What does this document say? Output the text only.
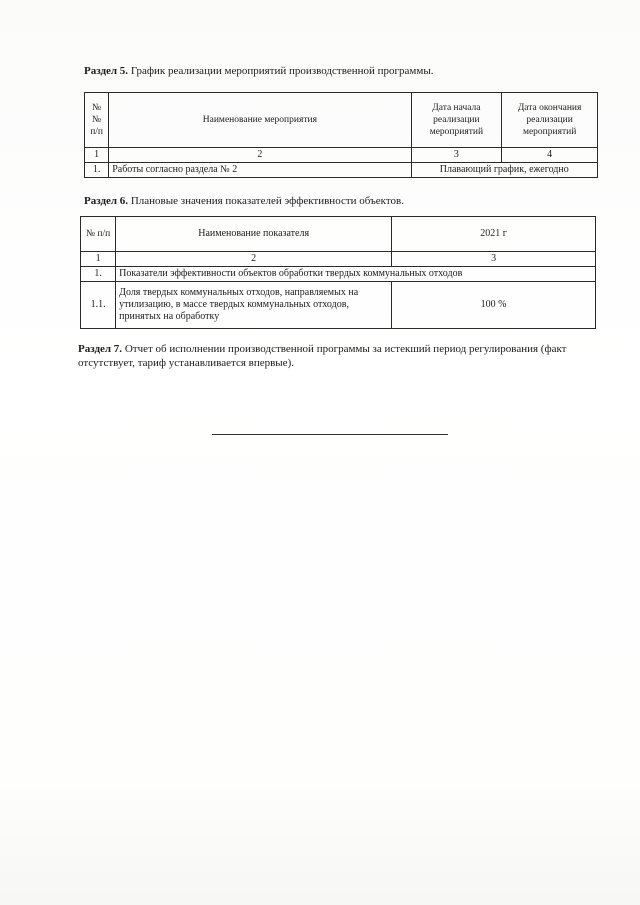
Раздел 5. График реализации мероприятий производственной программы.
№№ п/п	Наименование мероприятия	Дата начала реализации мероприятий	Дата окончания реализации мероприятий
1	2	3	4
1.	Работы согласно раздела № 2	Плавающий график, ежегодно	
Раздел 6. Плановые значения показателей эффективности объектов.
№ п/п	Наименование показателя	2021 г
1	2	3
1.	Показатели эффективности объектов обработки твердых коммунальных отходов	
1.1.	Доля твердых коммунальных отходов, направляемых на утилизацию, в массе твердых коммунальных отходов, принятых на обработку	100 %
Раздел 7. Отчет об исполнении производственной программы за истекший период регулирования (факт отсутствует, тариф устанавливается впервые).
